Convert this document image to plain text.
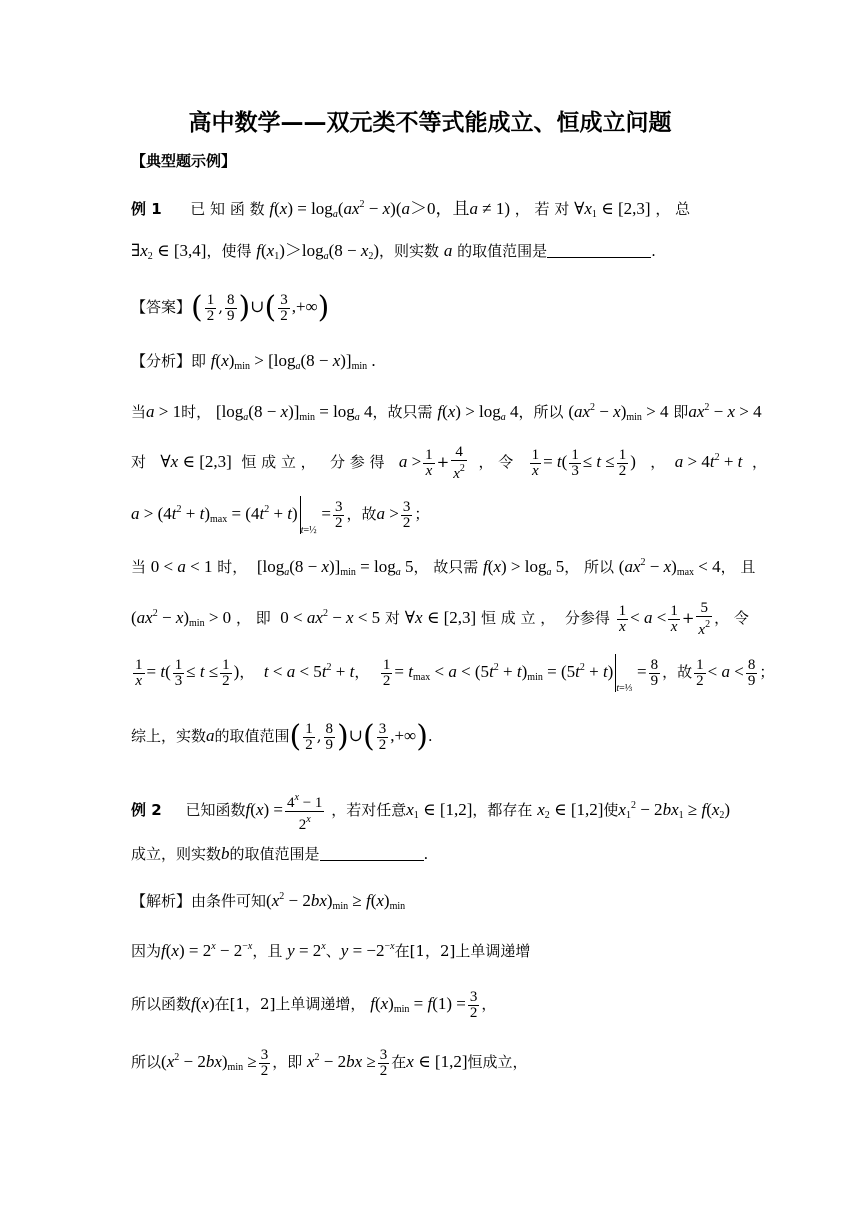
高中数学——双元类不等式能成立、恒成立问题
【典型题示例】
例 1 已 知 函 数 $f(x) = \log_a(ax^2 - x)(a>0$，且a ≠ 1) ， 若 对 $\forall x_1$ ∈ [2,3] ， 总
$\exists x_2$ ∈ [3,4]，使得 $f(x_1)>\log_a(8 - x_2)$，则实数 a 的取值范围是	.
【答案】( $\frac{1}{2}$ , $\frac{8}{9}$ )∪( $\frac{3}{2}$ ,+∞)
【分析】即 $f(x)_{min} > [\log_a(8 - x)]_{min}$ .
当a > 1时， $[\log_a(8 - x)]_{min} = \log_a 4$，故只需 $f(x) > \log_a 4$，所以 $(ax^2 - x)_{min} > 4$ 即$ax^2 - x > 4$
对 ∀x ∈ [2,3] 恒 成 立 ， 分 参 得 $a > \frac{1}{x} + \frac{4}{x^2}$ ， 令 $\frac{1}{x} = t( \frac{1}{3} \le t \le \frac{1}{2}$ )   ，  $a > 4t^2 + t$  ，
$a > (4t^2 + t)_{max} = (4t^2 + t)_{t=\frac{1}{2}} = \frac{3}{2}$ ，故$a > \frac{3}{2}$ ；
当 0 < a < 1 时， $[\log_a(8 - x)]_{min} = \log_a 5$， 故只需 $f(x) > \log_a 5$， 所以 $(ax^2 - x)_{max} < 4$， 且
$(ax^2 - x)_{min} > 0$ ， 即 $0 < ax^2 - x < 5$ 对 ∀x ∈ [2,3] 恒 成 立 ， 分参得 $\frac{1}{x} < a < \frac{1}{x} + \frac{5}{x^2}$ ， 令
$\frac{1}{x} = t( \frac{1}{3} \le t \le \frac{1}{2}$ )，  $t < a < 5t^2 + t$， $\frac{1}{2} = t_{max} < a < (5t^2 + t)_{min} = (5t^2 + t)_{t=\frac{1}{3}} = \frac{8}{9}$ ，故 $\frac{1}{2} < a < \frac{8}{9}$ ；
综上，实数a的取值范围( $\frac{1}{2}$ , $\frac{8}{9}$ )∪( $\frac{3}{2}$ ,+∞).
例 2 已知函数$f(x) = \frac{4^x - 1}{2^x}$ ，若对任意$x_1$ ∈ [1,2]，都存在 $x_2$ ∈ [1,2]使$x_1^2 - 2bx_1 \ge f(x_2)$
成立，则实数b的取值范围是	.
【解析】由条件可知$(x^2 - 2bx)_{min} \ge f(x)_{min}$
因为$f(x) = 2^x - 2^{-x}$，且 $y = 2^x$、$y = -2^{-x}$在[1，2]上单调递增
所以函数f(x)在[1，2]上单调递增， $f(x)_{min} = f(1) = \frac{3}{2}$ ，
所以$(x^2 - 2bx)_{min} \ge \frac{3}{2}$ ，即 $x^2 - 2bx \ge \frac{3}{2}$ 在x ∈ [1,2]恒成立，
